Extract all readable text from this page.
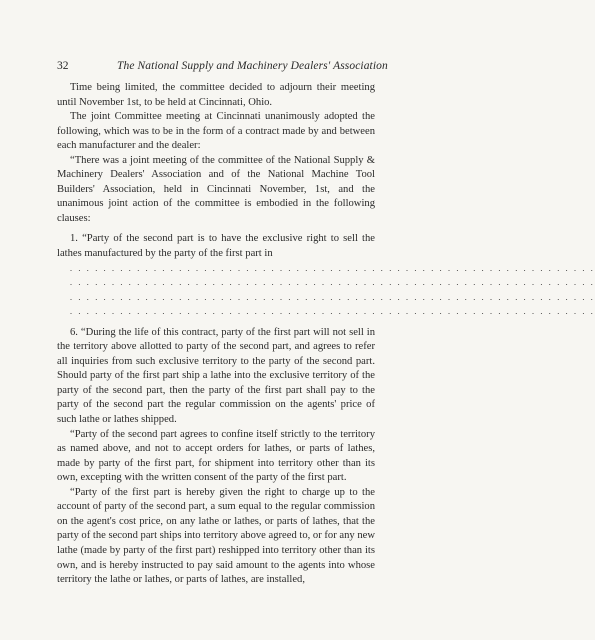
32	The National Supply and Machinery Dealers' Association

Time being limited, the committee decided to adjourn their meeting until November 1st, to be held at Cincinnati, Ohio.

The joint Committee meeting at Cincinnati unanimously adopted the following, which was to be in the form of a contract made by and between each manufacturer and the dealer:

“There was a joint meeting of the committee of the National Supply & Machinery Dealers' Association and of the National Machine Tool Builders' Association, held in Cincinnati November, 1st, and the unanimous joint action of the committee is embodied in the following clauses:

1. “Party of the second part is to have the exclusive right to sell the lathes manufactured by the party of the first part in

. . . . . . . . . . . . . . . . . . . . . . . . . . . . . . . . . . . . . . . . . . . . . . . . . . . . . . . . . . . . . . .

. . . . . . . . . . . . . . . . . . . . . . . . . . . . . . . . . . . . . . . . . . . . . . . . . . . . . . . . . . . . . . .

. . . . . . . . . . . . . . . . . . . . . . . . . . . . . . . . . . . . . . . . . . . . . . . . . . . . . . . . . . . . . . .

. . . . . . . . . . . . . . . . . . . . . . . . . . . . . . . . . . . . . . . . . . . . . . . . . . . . . . . . . . . . . . .

6. “During the life of this contract, party of the first part will not sell in the territory above allotted to party of the second part, and agrees to refer all inquiries from such exclusive territory to the party of the second part. Should party of the first part ship a lathe into the exclusive territory of the party of the second part, then the party of the first part shall pay to the party of the second part the regular commission on the agents' price of such lathe or lathes shipped.

“Party of the second part agrees to confine itself strictly to the territory as named above, and not to accept orders for lathes, or parts of lathes, made by party of the first part, for shipment into territory other than its own, excepting with the written consent of the party of the first part.

“Party of the first part is hereby given the right to charge up to the account of party of the second part, a sum equal to the regular commission on the agent's cost price, on any lathe or lathes, or parts of lathes, that the party of the second part ships into territory above agreed to, or for any new lathe (made by party of the first part) reshipped into territory other than its own, and is hereby instructed to pay said amount to the agents into whose territory the lathe or lathes, or parts of lathes, are installed,
